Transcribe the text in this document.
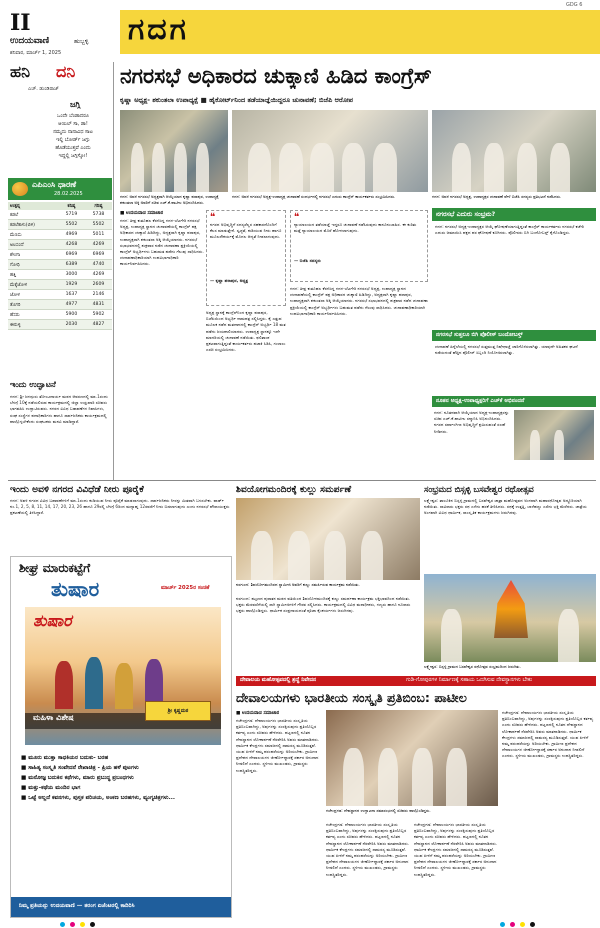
II
ಉದಯವಾಣಿ	ಹುಬ್ಬಳ್ಳಿ
ಶನಿವಾರ, ಮಾರ್ಚ್ 1, 2025
ಗದಗ
GDG 6
ಹನಿ ದನಿ
ಎಚ್. ಡುಂಡಿರಾಜ್
ಜಗ್ಗಿ
ಒಂದೇ ಬೆಂಡಾದರೂ
ಆಯಿಲ್ ಸಾ, ಡಾ!
ನಮ್ಮದು ನಾನಾವಿಧ ಸಾಟ
ಇಲ್ಲಿ ಬೋರ್ಡ್ ಜಗ್ಗು
ಹೊಡೆಯುತ್ತವೆ ಎಂದು
ಇದ್ದಲ್ಲಿ ಜಗ್ಗಿಸ್ಕೋ!
ಎಪಿಎಂಸಿ ಧಾರಣೆ
28.02.2025
ಉತ್ಪನ್ನ	ಕನಿಷ್ಠ	ಗರಿಷ್ಠ
ಕಡಲೆ	5719	5738
ಕಡಲೆಕಾಳು(ಬಿಳಿ)	5502	5502
ಮೆಣಸು	4969	5011
ಅಲಸಂದೆ	4268	4269
ಶೇಂಗಾ	6969	6969
ಗೋಧಿ	6389	4740
ಹತ್ತಿ	3000	4269
ಮೆಕ್ಕೆಜೋಳ	1929	2609
ಜೋಳ	1637	2146
ತೊಗರಿ	4977	4831
ಹೆಸರು	5900	5902
ಈರುಳ್ಳಿ	2030	4827
ಇಂದು ಉದ್ಘಾಟನೆ
ಗದಗ: ಶ್ರೀ ಜಗದ್ಗುರು ತೋಂಟದಾರ್ಯ ಮಠದ ಆವರಣದಲ್ಲಿ ಮಾ.1ರಂದು ಬೆಳಗ್ಗೆ 10ಕ್ಕೆ ನಡೆಯಲಿರುವ ಕಾರ್ಯಕ್ರಮದಲ್ಲಿ ಜಿಲ್ಲಾ ಉಸ್ತುವಾರಿ ಸಚಿವರು ಭಾಗವಹಿಸಿ ಉದ್ಘಾಟಿಸುವರು. ನಗರದ ವಿವಿಧ ಬಡಾವಣೆಗಳ ನಿವಾಸಿಗಳು, ಸಂಘ ಸಂಸ್ಥೆಗಳ ಪದಾಧಿಕಾರಿಗಳು ಹಾಗೂ ಸಾರ್ವಜನಿಕರು ಕಾರ್ಯಕ್ರಮದಲ್ಲಿ ಪಾಲ್ಗೊಳ್ಳಬೇಕೆಂದು ಸಂಘಟಕರು ಮನವಿ ಮಾಡಿದ್ದಾರೆ.
ನಗರಸಭೆ ಅಧಿಕಾರದ ಚುಕ್ಕಾಣಿ ಹಿಡಿದ ಕಾಂಗ್ರೆಸ್
ಕೃಷ್ಣಾ ಅಧ್ಯಕ್ಷ- ಶಕುಂತಲಾ ಉಪಾಧ್ಯಕ್ಷೆ ■ ಹೈಕೋರ್ಟ್‌ನಿಂದ ತಡೆಯಾಜ್ಞೆಯಿದ್ದರೂ ಚುನಾವಣೆ; ಬಿಜೆಪಿ ಆರೋಪ
ಗದಗ: ಅವಳಿ ನಗರಸಭೆ ಅಧ್ಯಕ್ಷರಾಗಿ ಆಯ್ಕೆಯಾದ ಕೃಷ್ಣಾ ಪರಾಪುರ, ಉಪಾಧ್ಯಕ್ಷೆ ಶಕುಂತಲಾ ಅಕ್ಕಿ ಅವರಿಗೆ ಸಚಿವ ಎಚ್.ಕೆ.ಪಾಟೀಲ ಅಭಿನಂದಿಸಿದರು.
ಗದಗ: ಅವಳಿ ನಗರಸಭೆ ಅಧ್ಯಕ್ಷ-ಉಪಾಧ್ಯಕ್ಷ ಚುನಾವಣೆ ಸಂದರ್ಭದಲ್ಲಿ ನಗರಸಭೆ ಎದುರು ಕಾಂಗ್ರೆಸ್ ಕಾರ್ಯಕರ್ತರು ಸಂಭ್ರಮಿಸಿದರು.	ಗದಗ: ಅವಳಿ ನಗರಸಭೆ ಅಧ್ಯಕ್ಷ, ಉಪಾಧ್ಯಕ್ಷರ ಚುನಾವಣೆ ವೇಳೆ ಬಿಜೆಪಿ ಸದಸ್ಯರು ಪ್ರತಿಭಟನೆ ನಡೆಸಿದರು.
■ ಉದಯವಾಣಿ ಸಮಾಚಾರ
ಗದಗ: ತೀವ್ರ ಕುತೂಹಲ ಕೆರಳಿಸಿದ್ದ ಗದಗ-ಬೆಟಗೇರಿ ನಗರಸಭೆ ಅಧ್ಯಕ್ಷ, ಉಪಾಧ್ಯಕ್ಷ ಸ್ಥಾನದ ಚುನಾವಣೆಯಲ್ಲಿ ಕಾಂಗ್ರೆಸ್ ಪಕ್ಷ ಅಧಿಕಾರದ ಚುಕ್ಕಾಣಿ ಹಿಡಿದಿದ್ದು, ಅಧ್ಯಕ್ಷರಾಗಿ ಕೃಷ್ಣಾ ಪರಾಪುರ, ಉಪಾಧ್ಯಕ್ಷರಾಗಿ ಶಕುಂತಲಾ ಅಕ್ಕಿ ಆಯ್ಕೆಯಾದರು. ನಗರಸಭೆ ಸಭಾಭವನದಲ್ಲಿ ಶುಕ್ರವಾರ ನಡೆದ ಚುನಾವಣಾ ಪ್ರಕ್ರಿಯೆಯಲ್ಲಿ ಕಾಂಗ್ರೆಸ್ ಅಭ್ಯರ್ಥಿಗಳು ಬಹುಮತ ಪಡೆದು ಗೆಲುವು ಸಾಧಿಸಿದರು. ಚುನಾವಣಾಧಿಕಾರಿಯಾಗಿ ಉಪವಿಭಾಗಾಧಿಕಾರಿ ಕಾರ್ಯನಿರ್ವಹಿಸಿದರು.
ಅಧ್ಯಕ್ಷ ಸ್ಥಾನಕ್ಕೆ ಕಾಂಗ್ರೆಸ್‌ನಿಂದ ಕೃಷ್ಣಾ ಪರಾಪುರ, ಬಿಜೆಪಿಯಿಂದ ಅಭ್ಯರ್ಥಿ ನಾಮಪತ್ರ ಸಲ್ಲಿಸಿದ್ದರು. ಕೈ ಎತ್ತುವ ಮೂಲಕ ನಡೆದ ಮತದಾನದಲ್ಲಿ ಕಾಂಗ್ರೆಸ್ ಅಭ್ಯರ್ಥಿ 18 ಮತ ಪಡೆದು ಜಯಶಾಲಿಯಾದರು. ಉಪಾಧ್ಯಕ್ಷ ಸ್ಥಾನಕ್ಕೂ ಇದೇ ಮಾದರಿಯಲ್ಲಿ ಚುನಾವಣೆ ನಡೆಯಿತು. ಫಲಿತಾಂಶ ಪ್ರಕಟವಾಗುತ್ತಿದ್ದಂತೆ ಕಾರ್ಯಕರ್ತರು ಪಟಾಕಿ ಸಿಡಿಸಿ, ಗುಲಾಲು ಎರಚಿ ಸಂಭ್ರಮಿಸಿದರು.
❝
ನಗರದ ಅಭಿವೃದ್ಧಿಗೆ ಸದಸ್ಯರೆಲ್ಲರ ಸಹಕಾರದೊಂದಿಗೆ ಕೆಲಸ ಮಾಡುತ್ತೇನೆ. ಸ್ವಚ್ಛತೆ, ಕುಡಿಯುವ ನೀರು ಹಾಗೂ ಮೂಲಸೌಕರ್ಯಕ್ಕೆ ಮೊದಲ ಆದ್ಯತೆ ನೀಡಲಾಗುವುದು.
— ಕೃಷ್ಣಾ ಪರಾಪುರ, ಅಧ್ಯಕ್ಷ
❝
ನ್ಯಾಯಾಲಯದ ತಡೆಯಾಜ್ಞೆ ಇದ್ದರೂ ಚುನಾವಣೆ ನಡೆಸಿರುವುದು ಕಾನೂನುಬಾಹಿರ. ಈ ಕುರಿತು ಮತ್ತೆ ನ್ಯಾಯಾಲಯದ ಮೊರೆ ಹೋಗಲಾಗುವುದು.
— ಬಿಜೆಪಿ ಸದಸ್ಯರು
ಗದಗ: ತೀವ್ರ ಕುತೂಹಲ ಕೆರಳಿಸಿದ್ದ ಗದಗ-ಬೆಟಗೇರಿ ನಗರಸಭೆ ಅಧ್ಯಕ್ಷ, ಉಪಾಧ್ಯಕ್ಷ ಸ್ಥಾನದ ಚುನಾವಣೆಯಲ್ಲಿ ಕಾಂಗ್ರೆಸ್ ಪಕ್ಷ ಅಧಿಕಾರದ ಚುಕ್ಕಾಣಿ ಹಿಡಿದಿದ್ದು, ಅಧ್ಯಕ್ಷರಾಗಿ ಕೃಷ್ಣಾ ಪರಾಪುರ, ಉಪಾಧ್ಯಕ್ಷರಾಗಿ ಶಕುಂತಲಾ ಅಕ್ಕಿ ಆಯ್ಕೆಯಾದರು. ನಗರಸಭೆ ಸಭಾಭವನದಲ್ಲಿ ಶುಕ್ರವಾರ ನಡೆದ ಚುನಾವಣಾ ಪ್ರಕ್ರಿಯೆಯಲ್ಲಿ ಕಾಂಗ್ರೆಸ್ ಅಭ್ಯರ್ಥಿಗಳು ಬಹುಮತ ಪಡೆದು ಗೆಲುವು ಸಾಧಿಸಿದರು. ಚುನಾವಣಾಧಿಕಾರಿಯಾಗಿ ಉಪವಿಭಾಗಾಧಿಕಾರಿ ಕಾರ್ಯನಿರ್ವಹಿಸಿದರು.
ನಗರಸಭೆ ಎದುರು ಸಂಭ್ರಮ?
ಗದಗ: ನಗರಸಭೆ ಅಧ್ಯಕ್ಷ-ಉಪಾಧ್ಯಕ್ಷರ ಆಯ್ಕೆ ಘೋಷಣೆಯಾಗುತ್ತಿದ್ದಂತೆ ಕಾಂಗ್ರೆಸ್ ಕಾರ್ಯಕರ್ತರು ನಗರಸಭೆ ಕಚೇರಿ ಎದುರು ಜಮಾಯಿಸಿ ಪಕ್ಷದ ಪರ ಘೋಷಣೆ ಕೂಗಿದರು. ಪೊಲೀಸರು ಬಿಗಿ ಬಂದೋಬಸ್ತ್ ಕೈಗೊಂಡಿದ್ದರು.
ನಗರಸಭೆ ಸುತ್ತಲೂ ಬಿಗಿ ಪೊಲೀಸ್ ಬಂದೋಬಸ್ತ್
ಚುನಾವಣೆ ಹಿನ್ನೆಲೆಯಲ್ಲಿ ನಗರಸಭೆ ಸುತ್ತಮುತ್ತ ನಿಷೇಧಾಜ್ಞೆ ಜಾರಿಗೊಳಿಸಲಾಗಿತ್ತು. ಯಾವುದೇ ಅಹಿತಕರ ಘಟನೆ ನಡೆಯದಂತೆ ಹೆಚ್ಚಿನ ಪೊಲೀಸ್ ಸಿಬ್ಬಂದಿ ನಿಯೋಜಿಸಲಾಗಿತ್ತು.
ನೂತನ ಅಧ್ಯಕ್ಷ-ಉಪಾಧ್ಯಕ್ಷರಿಗೆ ಎಚ್‌ಕೆ ಅಭಿನಂದನೆ
ಗದಗ: ನೂತನವಾಗಿ ಆಯ್ಕೆಯಾದ ಅಧ್ಯಕ್ಷ-ಉಪಾಧ್ಯಕ್ಷರನ್ನು ಸಚಿವ ಎಚ್.ಕೆ.ಪಾಟೀಲ ಸನ್ಮಾನಿಸಿ ಅಭಿನಂದಿಸಿದರು. ನಗರದ ಸರ್ವಾಂಗೀಣ ಅಭಿವೃದ್ಧಿಗೆ ಶ್ರಮಿಸುವಂತೆ ಸಲಹೆ ನೀಡಿದರು.
ಇಂದು ಅವಳಿ ನಗರದ ವಿವಿಧೆಡೆ ನೀರು ಪೂರೈಕೆ
ಗದಗ: ಅವಳಿ ನಗರದ ವಿವಿಧ ಬಡಾವಣೆಗಳಿಗೆ ಮಾ.1ರಂದು ಕುಡಿಯುವ ನೀರು ಪೂರೈಕೆ ಮಾಡಲಾಗುವುದು. ಸಾರ್ವಜನಿಕರು ನೀರನ್ನು ಮಿತವಾಗಿ ಬಳಸಬೇಕು. ವಾರ್ಡ್ ನಂ.1, 2, 5, 8, 11, 14, 17, 20, 23, 26 ಹಾಗೂ 29ರಲ್ಲಿ ಬೆಳಗ್ಗೆ 6ರಿಂದ ಮಧ್ಯಾಹ್ನ 12ರವರೆಗೆ ನೀರು ಬಿಡಲಾಗುವುದು ಎಂದು ನಗರಸಭೆ ಪೌರಾಯುಕ್ತರು ಪ್ರಕಟಣೆಯಲ್ಲಿ ತಿಳಿಸಿದ್ದಾರೆ.
ಶಿವಯೋಗಮಂದಿರಕ್ಕೆ ಕುಲ್ಲು ಸಮರ್ಪಣೆ
ನರಗುಂದ: ಶಿವಯೋಗಮಂದಿರದ ಸ್ವಾಮೀಜಿ ಅವರಿಗೆ ಕುಲ್ಲು ಸಮರ್ಪಿಸುವ ಕಾರ್ಯಕ್ರಮ ನಡೆಯಿತು.
ನರಗುಂದ: ಪಟ್ಟಣದ ಪುರಾತನ ಮಠದ ವತಿಯಿಂದ ಶಿವಯೋಗಮಂದಿರಕ್ಕೆ ಕುಲ್ಲು ಸಮರ್ಪಣಾ ಕಾರ್ಯಕ್ರಮ ಭಕ್ತಿಭಾವದಿಂದ ನಡೆಯಿತು. ಭಕ್ತರು ಮೆರವಣಿಗೆಯಲ್ಲಿ ಸಾಗಿ ಸ್ವಾಮೀಜಿಗಳಿಗೆ ಗೌರವ ಸಲ್ಲಿಸಿದರು. ಕಾರ್ಯಕ್ರಮದಲ್ಲಿ ವಿವಿಧ ಮಠಾಧೀಶರು, ಗಣ್ಯರು ಹಾಗೂ ನೂರಾರು ಭಕ್ತರು ಪಾಲ್ಗೊಂಡಿದ್ದರು. ಧಾರ್ಮಿಕ ಸಂಪ್ರದಾಯದಂತೆ ಪೂಜಾ ಕೈಂಕರ್ಯಗಳು ಜರುಗಿದವು.
ಸಂಭ್ರಮದ ಬಿಸ್ಸಳ್ಳಿ ಬಸವೇಶ್ವರ ರಥೋತ್ಸವ
ಲಕ್ಷ್ಮೇಶ್ವರ: ತಾಲೂಕಿನ ಬಿಸ್ಸಳ್ಳಿ ಗ್ರಾಮದಲ್ಲಿ ಬಸವೇಶ್ವರ ಜಾತ್ರಾ ಮಹೋತ್ಸವದ ಅಂಗವಾಗಿ ಮಹಾರಥೋತ್ಸವ ಅದ್ಧೂರಿಯಾಗಿ ನಡೆಯಿತು. ಸಾವಿರಾರು ಭಕ್ತರು ರಥ ಎಳೆದು ಹರಕೆ ತೀರಿಸಿದರು. ರಥಕ್ಕೆ ಉತ್ತತ್ತಿ, ಬಾಳೆಹಣ್ಣು ಎಸೆದು ಭಕ್ತಿ ಮೆರೆದರು. ಜಾತ್ರೆಯ ಅಂಗವಾಗಿ ವಿವಿಧ ಧಾರ್ಮಿಕ, ಸಾಂಸ್ಕೃತಿಕ ಕಾರ್ಯಕ್ರಮಗಳು ಜರುಗಿದವು.
ಲಕ್ಷ್ಮೇಶ್ವರ: ಬಿಸ್ಸಳ್ಳಿ ಗ್ರಾಮದ ಬಸವೇಶ್ವರ ರಥೋತ್ಸವ ಸಂಭ್ರಮದಿಂದ ಜರುಗಿತು.
ಶೀಘ್ರ ಮಾರುಕಟ್ಟೆಗೆ
ತುಷಾರ	ಮಾರ್ಚ್ 2025ರ ಸಂಚಿಕೆ
ತುಷಾರ
ಮಹಿಳಾ ವಿಶೇಷ
ಶ್ರೀ ಕೃಷ್ಣಮಠ
■ ಮೂರು ಮುಕ್ತಾ ಸಾಧಕಿಯರ ಬದುಕು- ಬರಹ
■ ಸಾಹಿತ್ಯ ಸಂಸ್ಕೃತಿ ಸಂವೇದನೆ ರೇಖಾಚಿತ್ರ - ಪ್ರಿಯ ಹಳೆ ಪುಟಗಳು
■ ಮನೋಜ್ಞ ಬದುಕಿನ ಕಥೆಗಳು, ಮಾರು ಪ್ರಬುದ್ಧ ಪ್ರಬಂಧಗಳು
■ ಮತ್ತು-ಕಥೆಯ ಮಂದಿರ ಭಾಗ
■ ಒಟ್ಟೆ ಅಲ್ಲದೆ ಕವನಗಳು, ಪುಸ್ತಕ ಪರಿಚಯ, ಅಂಕಣ ಬರಹಗಳು, ವ್ಯಂಗ್ಯಚಿತ್ರಗಳು...
ನಿಮ್ಮ ಪ್ರತಿಯನ್ನು ಉದಯವಾಣಿ — ತರಂಗ ಏಜೆಂಟರಲ್ಲಿ ಕಾದಿರಿಸಿ
ದೇವಾಲಯ ಮಹೋತ್ಸವದಲ್ಲಿ ಶ್ರದ್ಧೆ ನಿವೇದನ	ಗುಡಿ-ಗೋಪುರಗಳ ನಿರ್ಮಾಣಕ್ಕೆ ಸಹಾಯ ಒದಗಿಸುವ ದೇವಸ್ಥಾನಗಳು ಬೇಕು
ದೇವಾಲಯಗಳು ಭಾರತೀಯ ಸಂಸ್ಕೃತಿ ಪ್ರತಿಬಿಂಬ: ಪಾಟೀಲ
■ ಉದಯವಾಣಿ ಸಮಾಚಾರ
ಗಜೇಂದ್ರಗಡ: ದೇವಾಲಯಗಳು ಭಾರತೀಯ ಸಂಸ್ಕೃತಿಯ ಪ್ರತಿಬಿಂಬವಾಗಿದ್ದು, ಅವುಗಳನ್ನು ಸಂರಕ್ಷಿಸುವುದು ಪ್ರತಿಯೊಬ್ಬರ ಕರ್ತವ್ಯ ಎಂದು ಸಚಿವರು ಹೇಳಿದರು. ಪಟ್ಟಣದಲ್ಲಿ ನೂತನ ದೇವಸ್ಥಾನದ ಲೋಕಾರ್ಪಣೆ ನೆರವೇರಿಸಿ ಅವರು ಮಾತನಾಡಿದರು. ಧಾರ್ಮಿಕ ಕೇಂದ್ರಗಳು ಸಮಾಜದಲ್ಲಿ ಸಾಮರಸ್ಯ ಮೂಡಿಸುತ್ತವೆ. ಯುವ ಪೀಳಿಗೆ ನಮ್ಮ ಪರಂಪರೆಯನ್ನು ಅರಿಯಬೇಕು. ಗ್ರಾಮೀಣ ಪ್ರದೇಶದ ದೇವಾಲಯಗಳ ಜೀರ್ಣೋದ್ಧಾರಕ್ಕೆ ಸರ್ಕಾರ ಅನುದಾನ ನೀಡಲಿದೆ ಎಂದರು. ಸ್ಥಳೀಯ ಮುಖಂಡರು, ಗ್ರಾಮಸ್ಥರು ಉಪಸ್ಥಿತರಿದ್ದರು.
ಗಜೇಂದ್ರಗಡ: ದೇವಸ್ಥಾನದ ಉದ್ಘಾಟನಾ ಸಮಾರಂಭದಲ್ಲಿ ಸಚಿವರು ಪಾಲ್ಗೊಂಡಿದ್ದರು.
ಗಜೇಂದ್ರಗಡ: ದೇವಾಲಯಗಳು ಭಾರತೀಯ ಸಂಸ್ಕೃತಿಯ ಪ್ರತಿಬಿಂಬವಾಗಿದ್ದು, ಅವುಗಳನ್ನು ಸಂರಕ್ಷಿಸುವುದು ಪ್ರತಿಯೊಬ್ಬರ ಕರ್ತವ್ಯ ಎಂದು ಸಚಿವರು ಹೇಳಿದರು. ಪಟ್ಟಣದಲ್ಲಿ ನೂತನ ದೇವಸ್ಥಾನದ ಲೋಕಾರ್ಪಣೆ ನೆರವೇರಿಸಿ ಅವರು ಮಾತನಾಡಿದರು. ಧಾರ್ಮಿಕ ಕೇಂದ್ರಗಳು ಸಮಾಜದಲ್ಲಿ ಸಾಮರಸ್ಯ ಮೂಡಿಸುತ್ತವೆ. ಯುವ ಪೀಳಿಗೆ ನಮ್ಮ ಪರಂಪರೆಯನ್ನು ಅರಿಯಬೇಕು. ಗ್ರಾಮೀಣ ಪ್ರದೇಶದ ದೇವಾಲಯಗಳ ಜೀರ್ಣೋದ್ಧಾರಕ್ಕೆ ಸರ್ಕಾರ ಅನುದಾನ ನೀಡಲಿದೆ ಎಂದರು. ಸ್ಥಳೀಯ ಮುಖಂಡರು, ಗ್ರಾಮಸ್ಥರು ಉಪಸ್ಥಿತರಿದ್ದರು.
ಗಜೇಂದ್ರಗಡ: ದೇವಾಲಯಗಳು ಭಾರತೀಯ ಸಂಸ್ಕೃತಿಯ ಪ್ರತಿಬಿಂಬವಾಗಿದ್ದು, ಅವುಗಳನ್ನು ಸಂರಕ್ಷಿಸುವುದು ಪ್ರತಿಯೊಬ್ಬರ ಕರ್ತವ್ಯ ಎಂದು ಸಚಿವರು ಹೇಳಿದರು. ಪಟ್ಟಣದಲ್ಲಿ ನೂತನ ದೇವಸ್ಥಾನದ ಲೋಕಾರ್ಪಣೆ ನೆರವೇರಿಸಿ ಅವರು ಮಾತನಾಡಿದರು. ಧಾರ್ಮಿಕ ಕೇಂದ್ರಗಳು ಸಮಾಜದಲ್ಲಿ ಸಾಮರಸ್ಯ ಮೂಡಿಸುತ್ತವೆ. ಯುವ ಪೀಳಿಗೆ ನಮ್ಮ ಪರಂಪರೆಯನ್ನು ಅರಿಯಬೇಕು. ಗ್ರಾಮೀಣ ಪ್ರದೇಶದ ದೇವಾಲಯಗಳ ಜೀರ್ಣೋದ್ಧಾರಕ್ಕೆ ಸರ್ಕಾರ ಅನುದಾನ ನೀಡಲಿದೆ ಎಂದರು. ಸ್ಥಳೀಯ ಮುಖಂಡರು, ಗ್ರಾಮಸ್ಥರು ಉಪಸ್ಥಿತರಿದ್ದರು.
ಗಜೇಂದ್ರಗಡ: ದೇವಾಲಯಗಳು ಭಾರತೀಯ ಸಂಸ್ಕೃತಿಯ ಪ್ರತಿಬಿಂಬವಾಗಿದ್ದು, ಅವುಗಳನ್ನು ಸಂರಕ್ಷಿಸುವುದು ಪ್ರತಿಯೊಬ್ಬರ ಕರ್ತವ್ಯ ಎಂದು ಸಚಿವರು ಹೇಳಿದರು. ಪಟ್ಟಣದಲ್ಲಿ ನೂತನ ದೇವಸ್ಥಾನದ ಲೋಕಾರ್ಪಣೆ ನೆರವೇರಿಸಿ ಅವರು ಮಾತನಾಡಿದರು. ಧಾರ್ಮಿಕ ಕೇಂದ್ರಗಳು ಸಮಾಜದಲ್ಲಿ ಸಾಮರಸ್ಯ ಮೂಡಿಸುತ್ತವೆ. ಯುವ ಪೀಳಿಗೆ ನಮ್ಮ ಪರಂಪರೆಯನ್ನು ಅರಿಯಬೇಕು. ಗ್ರಾಮೀಣ ಪ್ರದೇಶದ ದೇವಾಲಯಗಳ ಜೀರ್ಣೋದ್ಧಾರಕ್ಕೆ ಸರ್ಕಾರ ಅನುದಾನ ನೀಡಲಿದೆ ಎಂದರು. ಸ್ಥಳೀಯ ಮುಖಂಡರು, ಗ್ರಾಮಸ್ಥರು ಉಪಸ್ಥಿತರಿದ್ದರು.
